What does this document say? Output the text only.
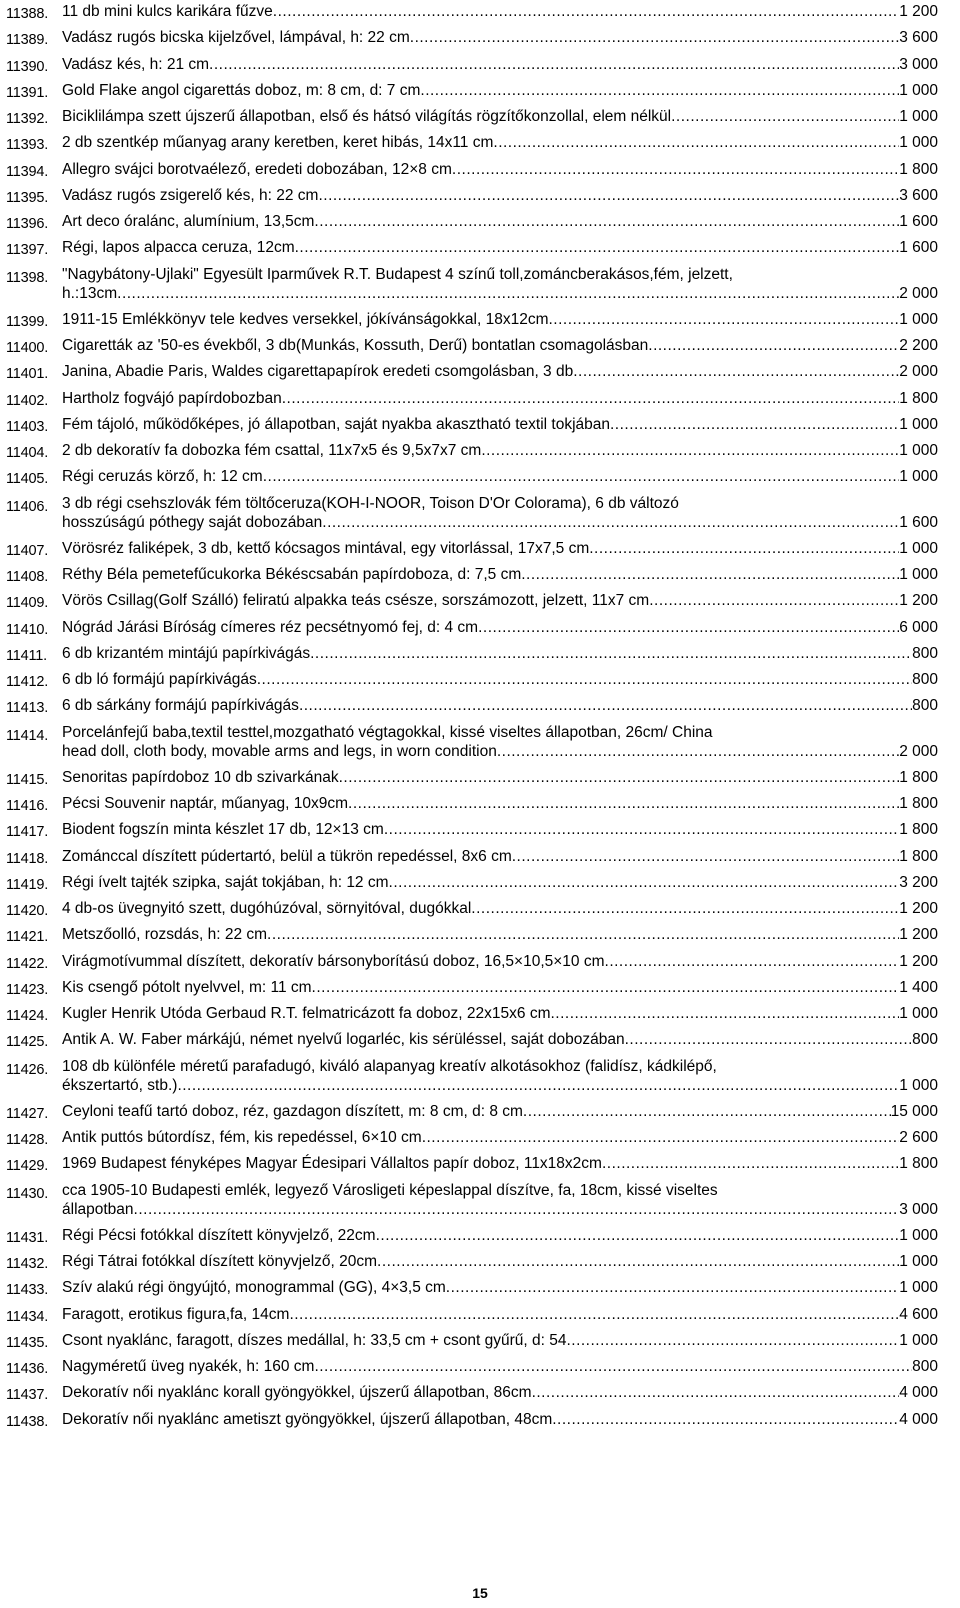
11388. 11 db mini kulcs karikára fűzve .....	1 200
11389. Vadász rugós bicska kijelzővel, lámpával, h: 22 cm .....	3 600
11390. Vadász kés, h: 21 cm .....	3 000
11391. Gold Flake angol cigarettás doboz, m: 8 cm, d: 7 cm .....	1 000
11392. Biciklilámpa szett újszerű állapotban, első és hátsó világítás rögzítőkonzollal, elem nélkül .....	1 000
11393. 2 db szentkép műanyag arany keretben, keret hibás, 14x11 cm .....	1 000
11394. Allegro svájci borotvaélező, eredeti dobozában, 12×8 cm .....	1 800
11395. Vadász rugós zsigerelő kés, h: 22 cm .....	3 600
11396. Art deco óralánc, alumínium, 13,5cm .....	1 600
11397. Régi, lapos alpacca ceruza, 12cm .....	1 600
11398. "Nagybátony-Ujlaki" Egyesült Iparművek R.T. Budapest 4 színű toll,zománcberakásos,fém, jelzett,
h.:13cm .....	2 000
11399. 1911-15 Emlékkönyv tele kedves versekkel, jókívánságokkal, 18x12cm .....	1 000
11400. Cigaretták az '50-es évekből, 3 db(Munkás, Kossuth, Derű) bontatlan csomagolásban .....	2 200
11401. Janina, Abadie Paris, Waldes cigarettapapírok eredeti csomgolásban, 3 db .....	2 000
11402. Hartholz fogvájó papírdobozban .....	1 800
11403. Fém tájoló, működőképes, jó állapotban, saját nyakba akasztható textil tokjában .....	1 000
11404. 2 db dekoratív fa dobozka fém csattal, 11x7x5 és 9,5x7x7 cm .....	1 000
11405. Régi ceruzás körző, h: 12 cm .....	1 000
11406. 3 db régi csehszlovák fém töltőceruza(KOH-I-NOOR, Toison D'Or Colorama), 6 db változó
hosszúságú póthegy saját dobozában .....	1 600
11407. Vörösréz faliképek, 3 db, kettő kócsagos mintával, egy vitorlással, 17x7,5 cm .....	1 000
11408. Réthy Béla pemetefűcukorka Békéscsabán papírdoboza, d: 7,5 cm .....	1 000
11409. Vörös Csillag(Golf Szálló) feliratú alpakka teás csésze, sorszámozott, jelzett, 11x7 cm .....	1 200
11410. Nógrád Járási Bíróság címeres réz pecsétnyomó fej, d: 4 cm .....	6 000
11411. 6 db krizantém mintájú papírkivágás .....	800
11412. 6 db ló formájú papírkivágás .....	800
11413. 6 db sárkány formájú papírkivágás .....	800
11414. Porcelánfejű baba,textil testtel,mozgatható végtagokkal, kissé viseltes állapotban, 26cm/ China
head doll, cloth body, movable arms and legs, in worn condition .....	2 000
11415. Senoritas papírdoboz 10 db szivarkának .....	1 800
11416. Pécsi Souvenir naptár, műanyag, 10x9cm .....	1 800
11417. Biodent fogszín minta készlet 17 db, 12×13 cm .....	1 800
11418. Zománccal díszített púdertartó, belül a tükrön repedéssel, 8x6 cm .....	1 800
11419. Régi ívelt tajték szipka, saját tokjában, h: 12 cm .....	3 200
11420. 4 db-os üvegnyitó szett, dugóhúzóval, sörnyitóval, dugókkal .....	1 200
11421. Metszőolló, rozsdás, h: 22 cm .....	1 200
11422. Virágmotívummal díszített, dekoratív bársonyborítású doboz, 16,5×10,5×10 cm .....	1 200
11423. Kis csengő pótolt nyelvvel, m: 11 cm .....	1 400
11424. Kugler Henrik Utóda Gerbaud R.T. felmatricázott fa doboz, 22x15x6 cm .....	1 000
11425. Antik A. W. Faber márkájú, német nyelvű logarléc, kis sérüléssel, saját dobozában .....	800
11426. 108 db különféle méretű parafadugó, kiváló alapanyag kreatív alkotásokhoz (falidísz, kádkilépő,
ékszertartó, stb.) .....	1 000
11427. Ceyloni teafű tartó doboz, réz, gazdagon díszített, m: 8 cm, d: 8 cm .....	15 000
11428. Antik puttós bútordísz, fém, kis repedéssel, 6×10 cm .....	2 600
11429. 1969 Budapest fényképes Magyar Édesipari Vállaltos papír doboz, 11x18x2cm .....	1 800
11430. cca 1905-10 Budapesti emlék, legyező Városligeti képeslappal díszítve, fa, 18cm, kissé viseltes
állapotban .....	3 000
11431. Régi Pécsi fotókkal díszített könyvjelző, 22cm .....	1 000
11432. Régi Tátrai fotókkal díszített könyvjelző, 20cm .....	1 000
11433. Szív alakú régi öngyújtó, monogrammal (GG), 4×3,5 cm .....	1 000
11434. Faragott, erotikus figura,fa, 14cm .....	4 600
11435. Csont nyaklánc, faragott, díszes medállal, h: 33,5 cm + csont gyűrű, d: 54 .....	1 000
11436. Nagyméretű üveg nyakék, h: 160 cm .....	800
11437. Dekoratív női nyaklánc korall gyöngyökkel, újszerű állapotban, 86cm .....	4 000
11438. Dekoratív női nyaklánc ametiszt gyöngyökkel, újszerű állapotban, 48cm .....	4 000
15
